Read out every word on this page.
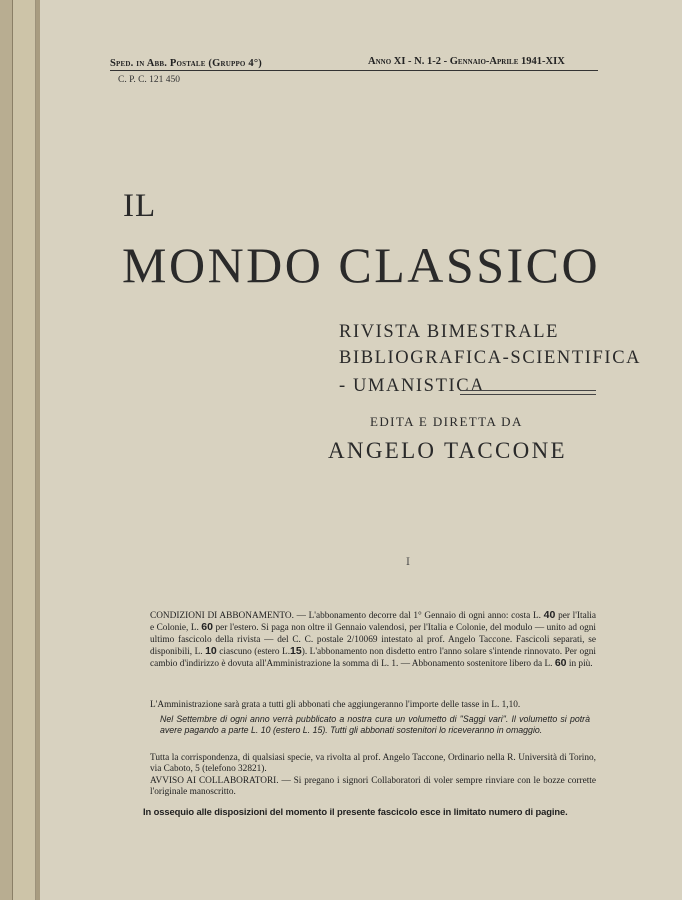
Sped. in Abb. Postale (Gruppo 4°)	Anno XI - N. 1-2 - Gennaio-Aprile 1941-XIX
C. P. C. 121 450
IL
MONDO CLASSICO
RIVISTA BIMESTRALE
BIBLIOGRAFICA-SCIENTIFICA
- UMANISTICA
EDITA E DIRETTA DA
ANGELO TACCONE
I
CONDIZIONI DI ABBONAMENTO. — L'abbonamento decorre dal 1° Gennaio di ogni anno: costa L. 40 per l'Italia e Colonie, L. 60 per l'estero. Si paga non oltre il Gennaio valendosi, per l'Italia e Colonie, del modulo — unito ad ogni ultimo fascicolo della rivista — del C. C. postale 2/10069 intestato al prof. Angelo Taccone. Fascicoli separati, se disponibili, L. 10 ciascuno (estero L.15). L'abbonamento non disdetto entro l'anno solare s'intende rinnovato. Per ogni cambio d'indirizzo è dovuta all'Amministrazione la somma di L. 1. — Abbonamento sostenitore libero da L. 60 in più.
L'Amministrazione sarà grata a tutti gli abbonati che aggiungeranno l'importe delle tasse in L. 1,10.
Nel Settembre di ogni anno verrà pubblicato a nostra cura un volumetto di "Saggi vari". Il volumetto si potrà avere pagando a parte L. 10 (estero L. 15). Tutti gli abbonati sostenitori lo riceveranno in omaggio.
Tutta la corrispondenza, di qualsiasi specie, va rivolta al prof. Angelo Taccone, Ordinario nella R. Università di Torino, via Caboto, 5 (telefono 32821).
AVVISO AI COLLABORATORI. — Si pregano i signori Collaboratori di voler sempre rinviare con le bozze corrette l'originale manoscritto.
In ossequio alle disposizioni del momento il presente fascicolo esce in limitato numero di pagine.
